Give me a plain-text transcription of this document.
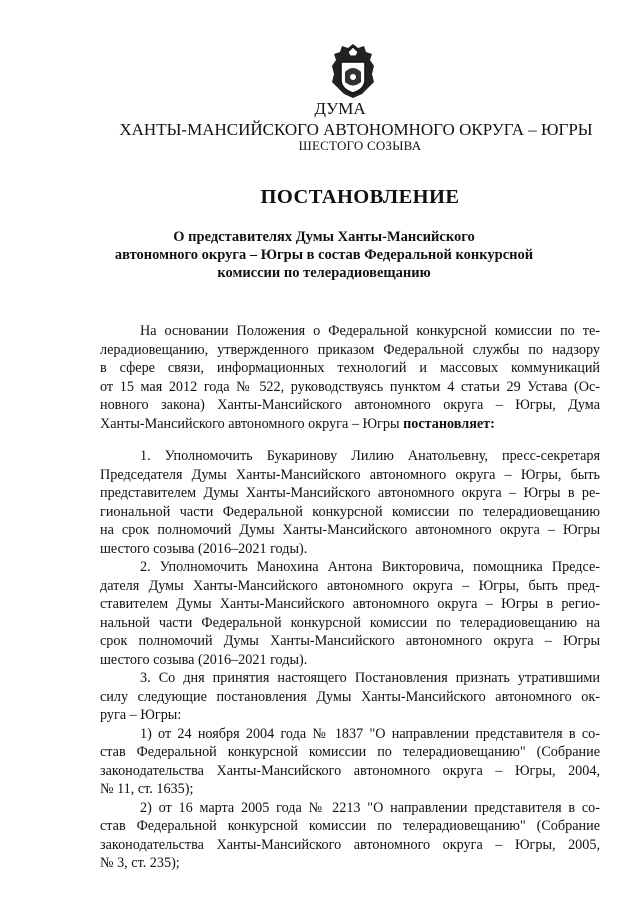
ДУМА
ХАНТЫ-МАНСИЙСКОГО АВТОНОМНОГО ОКРУГА – ЮГРЫ
ШЕСТОГО СОЗЫВА
ПОСТАНОВЛЕНИЕ
О представителях Думы Ханты-Мансийского
автономного округа – Югры в состав Федеральной конкурсной
комиссии по телерадиовещанию
На основании Положения о Федеральной конкурсной комиссии по те-
лерадиовещанию, утвержденного приказом Федеральной службы по надзору
в сфере связи, информационных технологий и массовых коммуникаций
от 15 мая 2012 года № 522, руководствуясь пунктом 4 статьи 29 Устава (Ос-
новного закона) Ханты-Мансийского автономного округа – Югры, Дума
Ханты-Мансийского автономного округа – Югры постановляет:
1. Уполномочить Букаринову Лилию Анатольевну, пресс-секретаря
Председателя Думы Ханты-Мансийского автономного округа – Югры, быть
представителем Думы Ханты-Мансийского автономного округа – Югры в ре-
гиональной части Федеральной конкурсной комиссии по телерадиовещанию
на срок полномочий Думы Ханты-Мансийского автономного округа – Югры
шестого созыва (2016–2021 годы).
2. Уполномочить Манохина Антона Викторовича, помощника Предсе-
дателя Думы Ханты-Мансийского автономного округа – Югры, быть пред-
ставителем Думы Ханты-Мансийского автономного округа – Югры в регио-
нальной части Федеральной конкурсной комиссии по телерадиовещанию на
срок полномочий Думы Ханты-Мансийского автономного округа – Югры
шестого созыва (2016–2021 годы).
3. Со дня принятия настоящего Постановления признать утратившими
силу следующие постановления Думы Ханты-Мансийского автономного ок-
руга – Югры:
1) от 24 ноября 2004 года № 1837 "О направлении представителя в со-
став Федеральной конкурсной комиссии по телерадиовещанию" (Собрание
законодательства Ханты-Мансийского автономного округа – Югры, 2004,
№ 11, ст. 1635);
2) от 16 марта 2005 года № 2213 "О направлении представителя в со-
став Федеральной конкурсной комиссии по телерадиовещанию" (Собрание
законодательства Ханты-Мансийского автономного округа – Югры, 2005,
№ 3, ст. 235);
